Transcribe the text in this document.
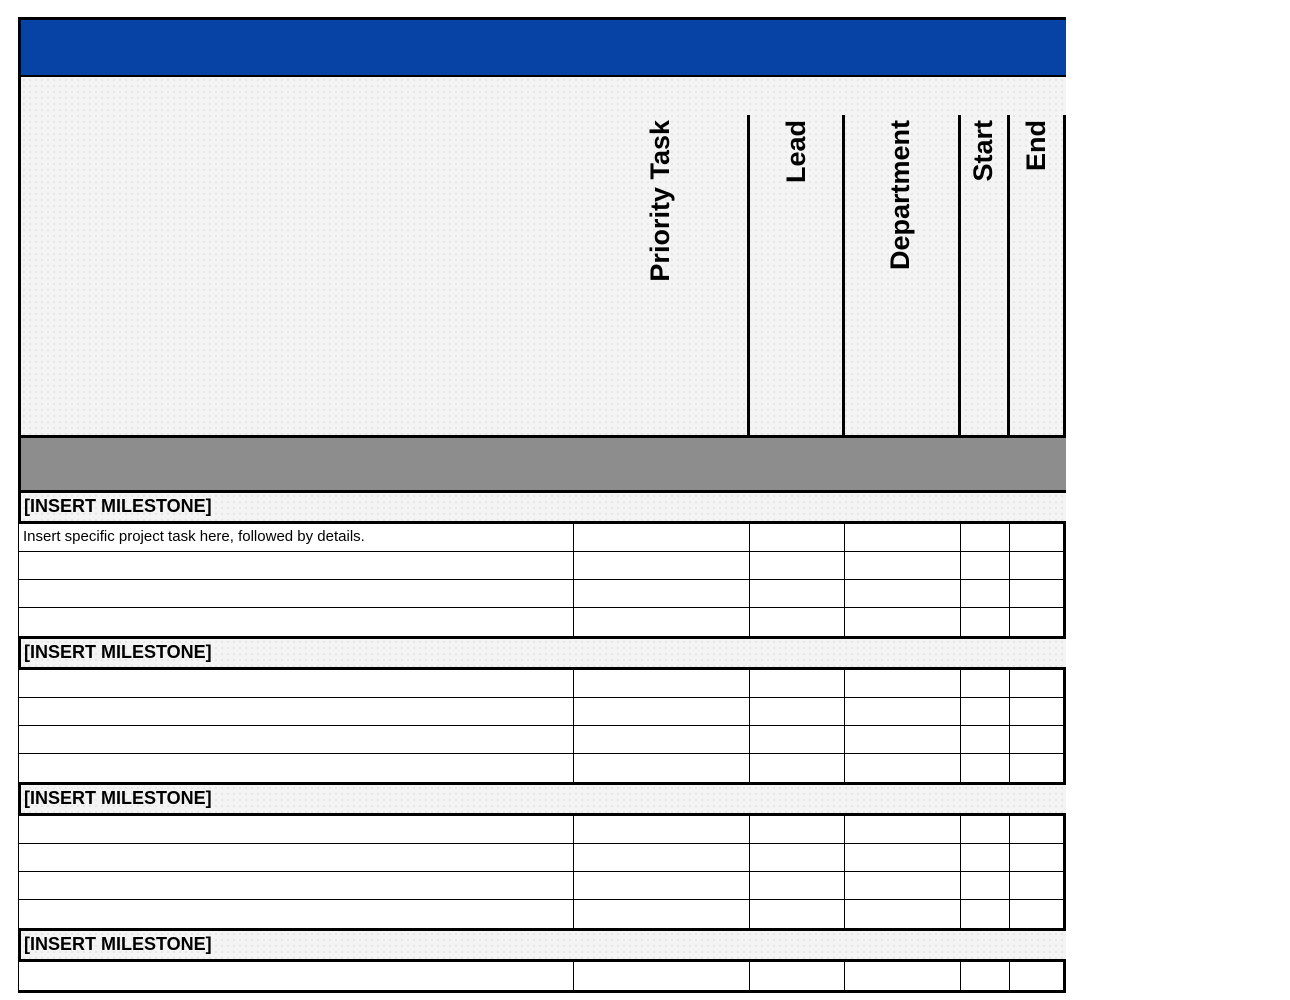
Priority Task	Lead	Department Start End
[INSERT MILESTONE]
Insert specific project task here, followed by details.
[INSERT MILESTONE]
[INSERT MILESTONE]
[INSERT MILESTONE]
